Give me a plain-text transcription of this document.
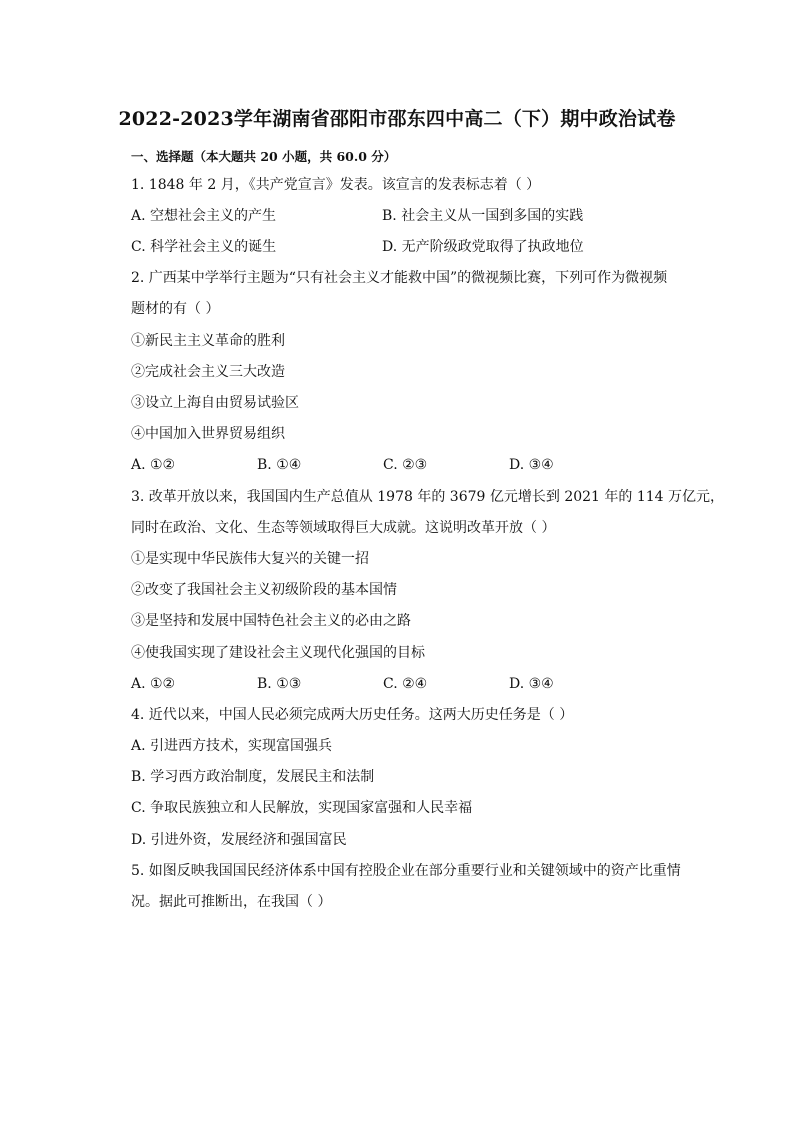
2022-2023学年湖南省邵阳市邵东四中高二（下）期中政治试卷
一、选择题（本大题共 20 小题，共 60.0 分）
1. 1848 年 2 月，《共产党宣言》发表。该宣言的发表标志着（ ）
A. 空想社会主义的产生	B. 社会主义从一国到多国的实践
C. 科学社会主义的诞生	D. 无产阶级政党取得了执政地位
2. 广西某中学举行主题为“只有社会主义才能救中国”的微视频比赛，下列可作为微视频
题材的有（ ）
①新民主主义革命的胜利
②完成社会主义三大改造
③设立上海自由贸易试验区
④中国加入世界贸易组织
A. ①②	B. ①④	C. ②③	D. ③④
3. 改革开放以来，我国国内生产总值从 1978 年的 3679 亿元增长到 2021 年的 114 万亿元，
同时在政治、文化、生态等领域取得巨大成就。这说明改革开放（ ）
①是实现中华民族伟大复兴的关键一招
②改变了我国社会主义初级阶段的基本国情
③是坚持和发展中国特色社会主义的必由之路
④使我国实现了建设社会主义现代化强国的目标
A. ①②	B. ①③	C. ②④	D. ③④
4. 近代以来，中国人民必须完成两大历史任务。这两大历史任务是（ ）
A. 引进西方技术，实现富国强兵
B. 学习西方政治制度，发展民主和法制
C. 争取民族独立和人民解放，实现国家富强和人民幸福
D. 引进外资，发展经济和强国富民
5. 如图反映我国国民经济体系中国有控股企业在部分重要行业和关键领域中的资产比重情
况。据此可推断出，在我国（ ）
